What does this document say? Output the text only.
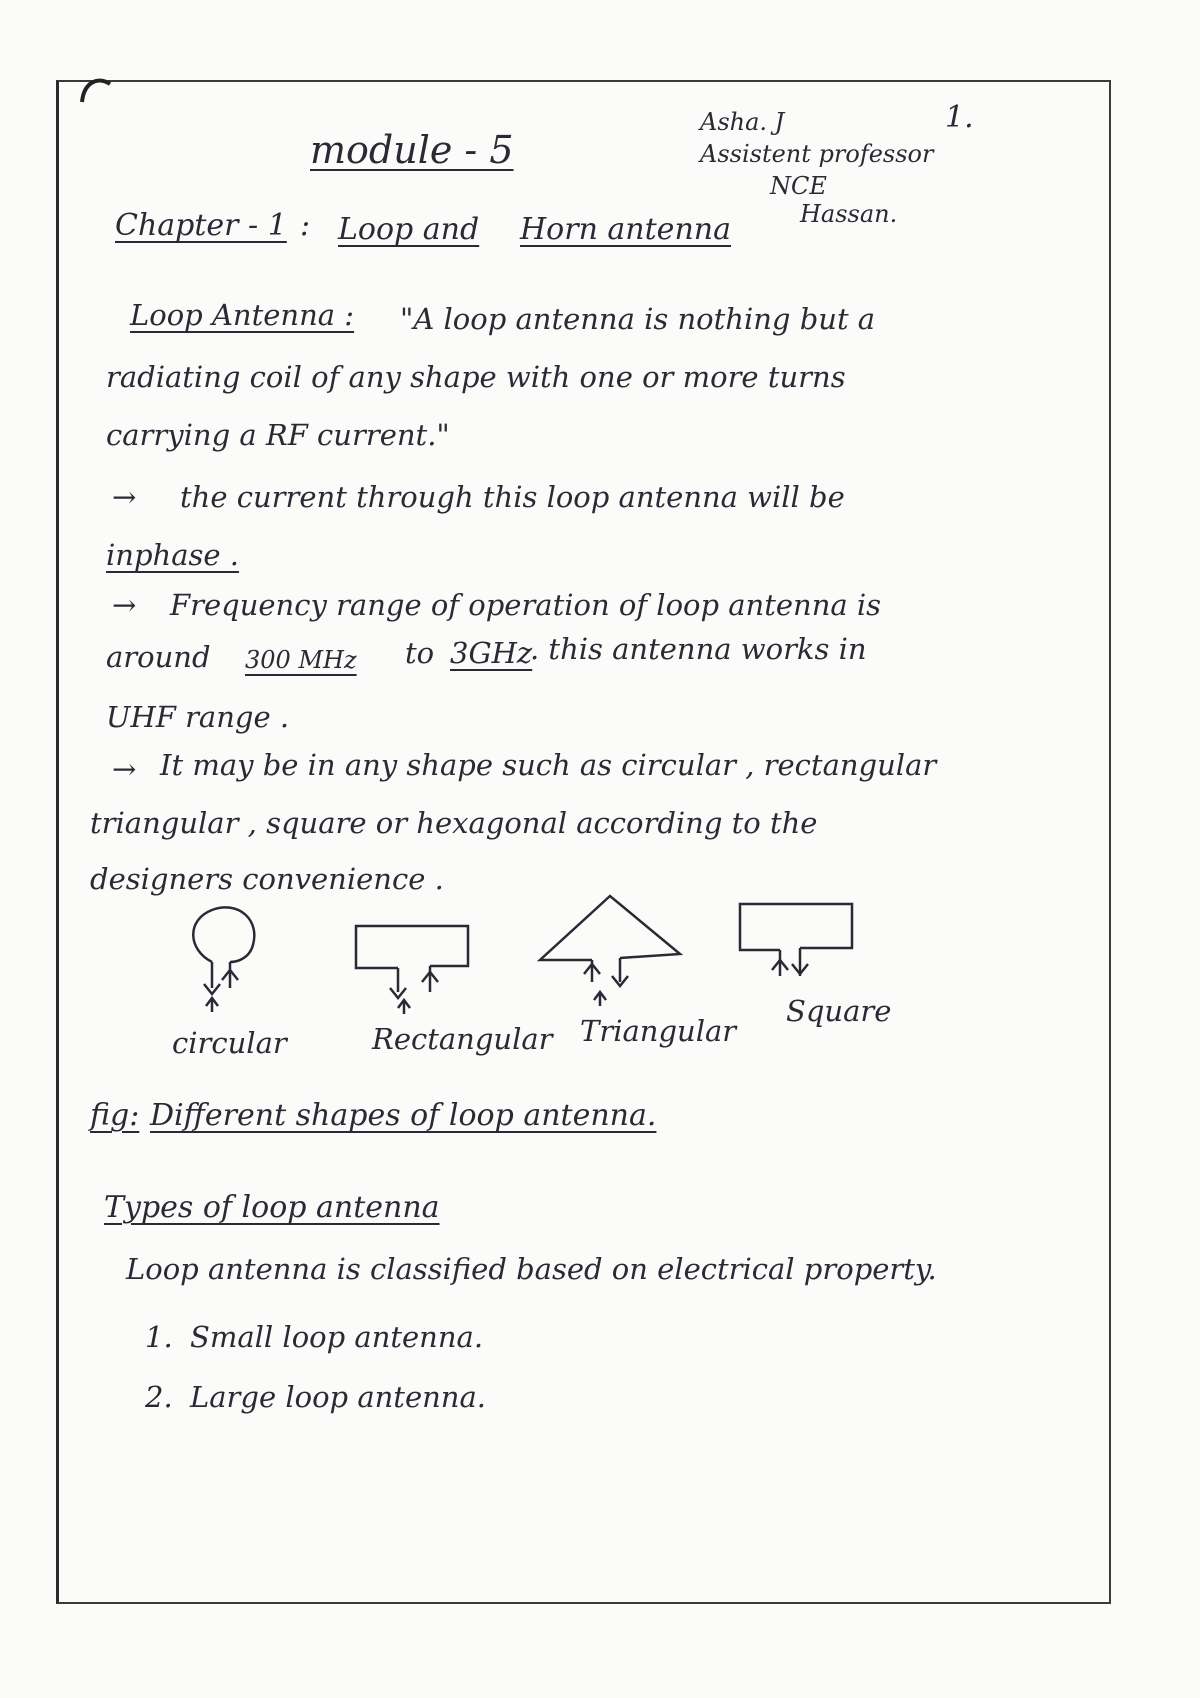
module - 5
Asha. J
Assistent professor
NCE
Hassan.
1.
Chapter - 1 : Loop and Horn antenna
Loop Antenna : "A loop antenna is nothing but a
radiating coil of any shape with one or more turns
carrying a RF current."
→ the current through this loop antenna will be
inphase .
→ Frequency range of operation of loop antenna is
around 300 MHz to 3GHz
. this antenna works in
UHF range .
→ It may be in any shape such as circular , rectangular
triangular , square or hexagonal according to the
designers convenience .
circular	Rectangular Triangular
Square
fig: Different shapes of loop antenna.
Types of loop antenna
Loop antenna is classified based on electrical property.
1. Small loop antenna.
2. Large loop antenna.
